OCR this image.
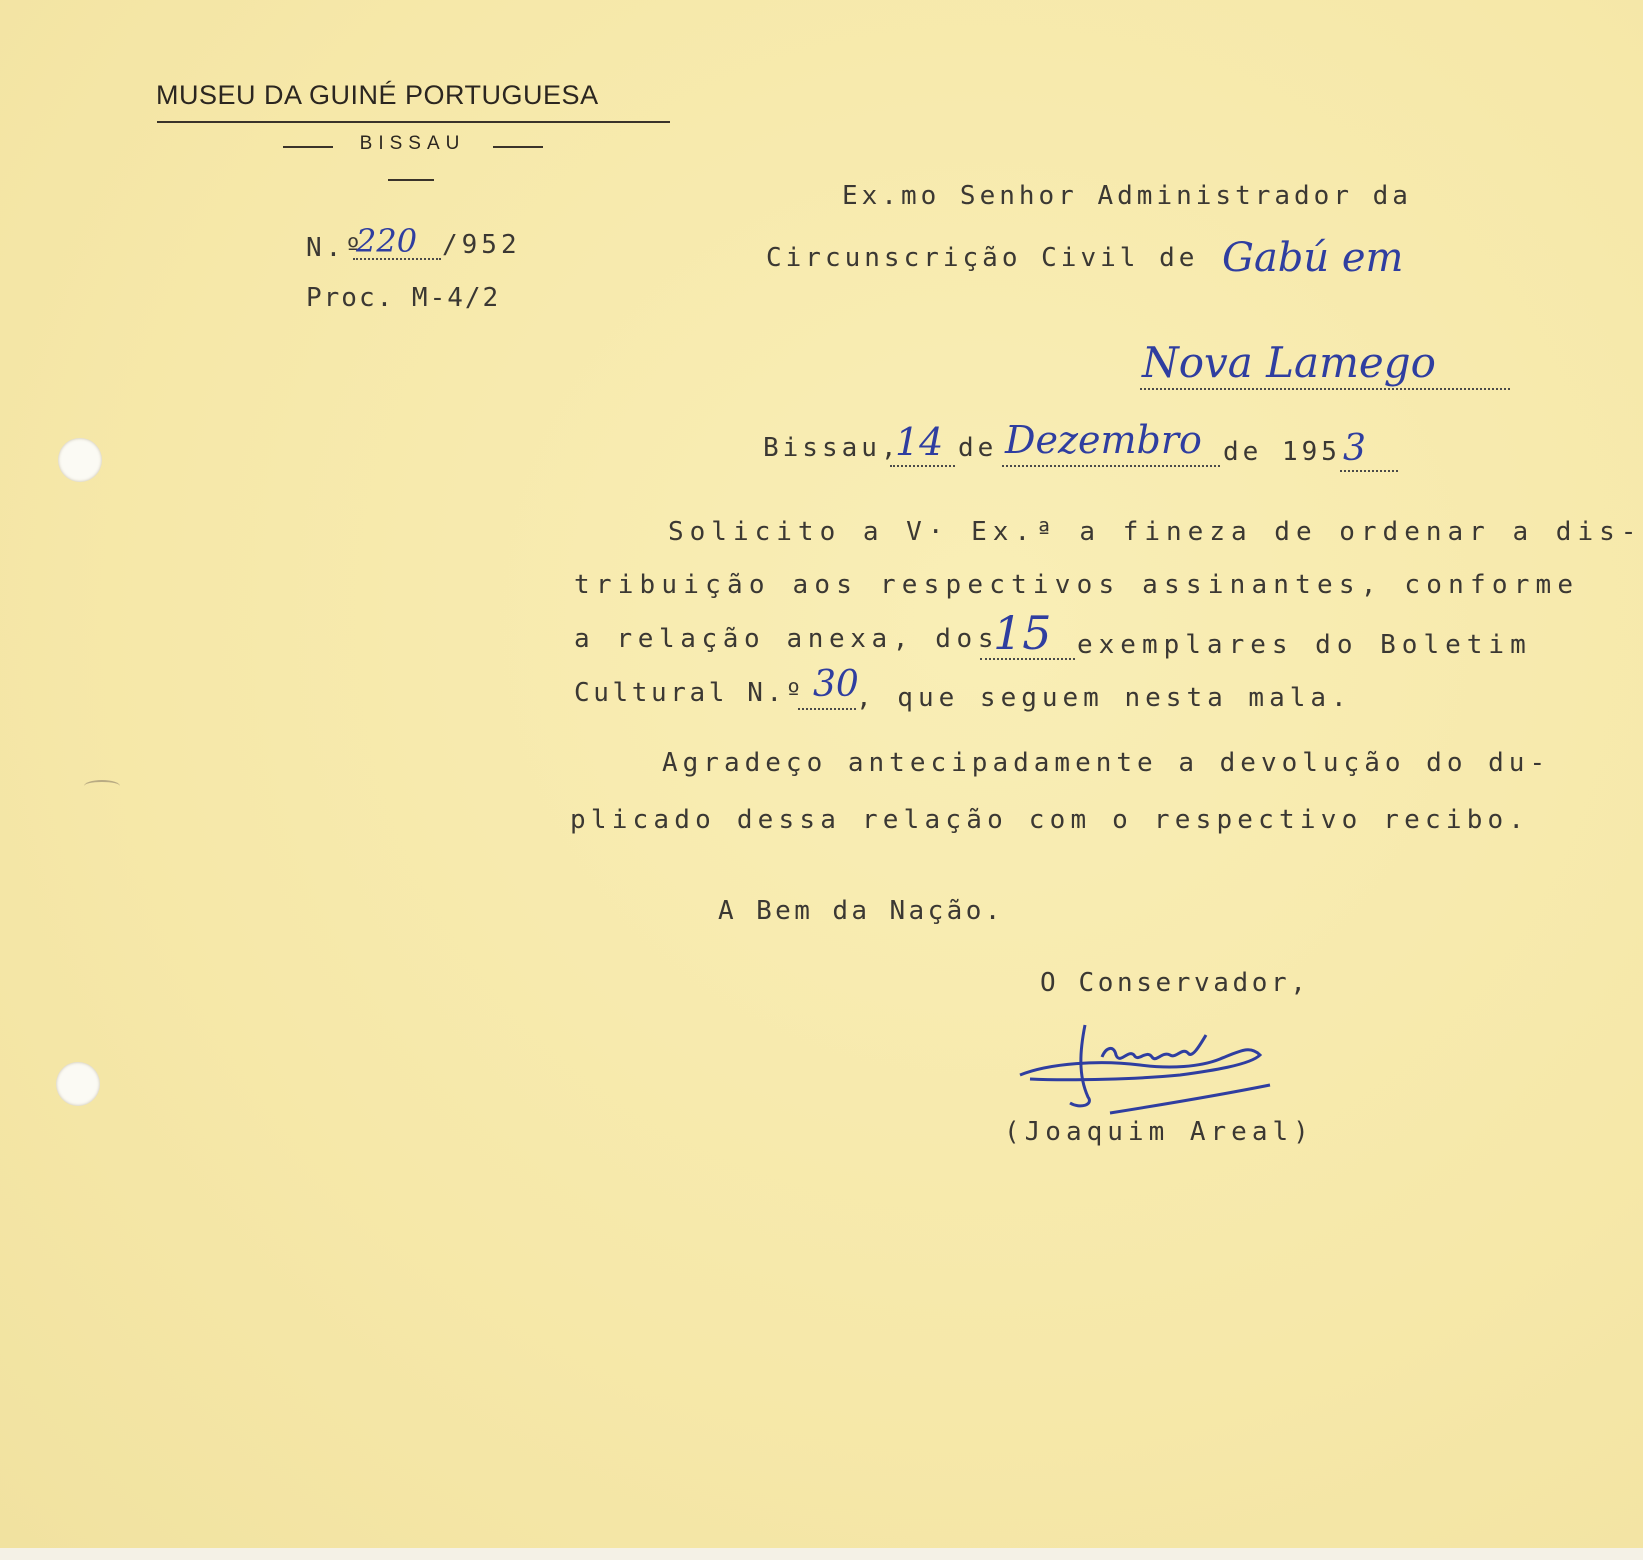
MUSEU DA GUINÉ PORTUGUESA
BISSAU
N.º
220 /952
Proc. M-4/2
Ex.mo Senhor Administrador da
Circunscrição Civil de Gabú em
Nova Lamego
Bissau,
14 de Dezembro de 195 3
Solicito a V· Ex.ª a fineza de ordenar a dis-
tribuição aos respectivos assinantes, conforme
a relação anexa, dos
15 exemplares do Boletim
Cultural N.º 30
, que seguem nesta mala.
Agradeço antecipadamente a devolução do du-
plicado dessa relação com o respectivo recibo.
A Bem da Nação.
O Conservador,
(Joaquim Areal)
